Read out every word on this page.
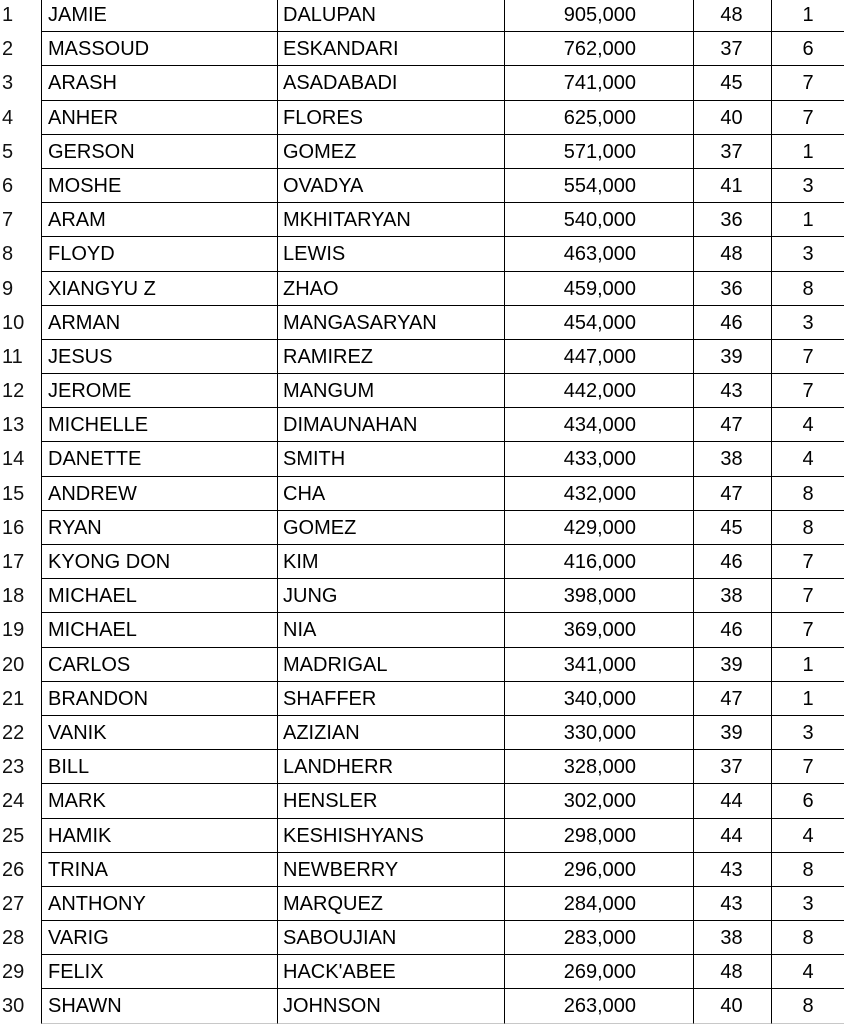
1	JAMIE	DALUPAN	905,000	48	1
2	MASSOUD	ESKANDARI	762,000	37	6
3	ARASH	ASADABADI	741,000	45	7
4	ANHER	FLORES	625,000	40	7
5	GERSON	GOMEZ	571,000	37	1
6	MOSHE	OVADYA	554,000	41	3
7	ARAM	MKHITARYAN	540,000	36	1
8	FLOYD	LEWIS	463,000	48	3
9	XIANGYU Z	ZHAO	459,000	36	8
10	ARMAN	MANGASARYAN	454,000	46	3
11	JESUS	RAMIREZ	447,000	39	7
12	JEROME	MANGUM	442,000	43	7
13	MICHELLE	DIMAUNAHAN	434,000	47	4
14	DANETTE	SMITH	433,000	38	4
15	ANDREW	CHA	432,000	47	8
16	RYAN	GOMEZ	429,000	45	8
17	KYONG DON	KIM	416,000	46	7
18	MICHAEL	JUNG	398,000	38	7
19	MICHAEL	NIA	369,000	46	7
20	CARLOS	MADRIGAL	341,000	39	1
21	BRANDON	SHAFFER	340,000	47	1
22	VANIK	AZIZIAN	330,000	39	3
23	BILL	LANDHERR	328,000	37	7
24	MARK	HENSLER	302,000	44	6
25	HAMIK	KESHISHYANS	298,000	44	4
26	TRINA	NEWBERRY	296,000	43	8
27	ANTHONY	MARQUEZ	284,000	43	3
28	VARIG	SABOUJIAN	283,000	38	8
29	FELIX	HACK'ABEE	269,000	48	4
30	SHAWN	JOHNSON	263,000	40	8
